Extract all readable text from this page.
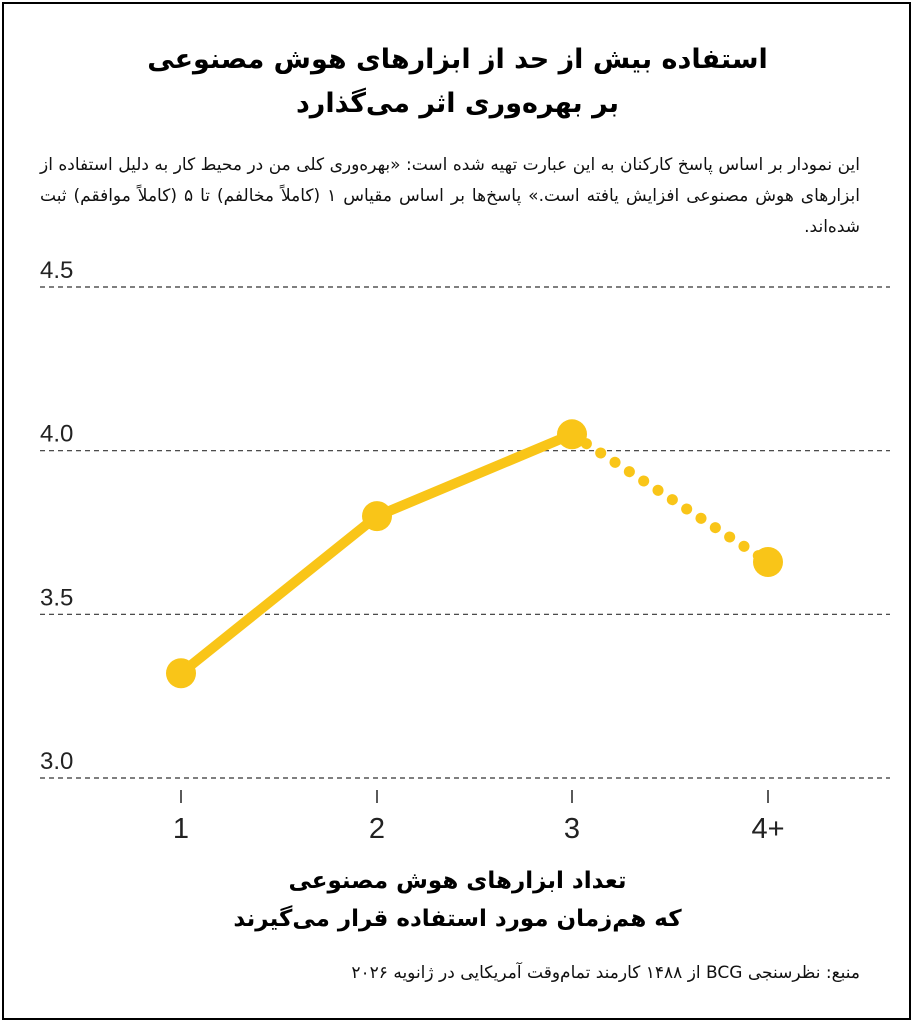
استفاده بیش از حد از ابزارهای هوش مصنوعی
بر بهره‌وری اثر می‌گذارد
این نمودار بر اساس پاسخ کارکنان به این عبارت تهیه شده است: «بهره‌وری کلی من در محیط کار به دلیل استفاده از ابزارهای هوش مصنوعی افزایش یافته است.» پاسخ‌ها بر اساس مقیاس ۱ (کاملاً مخالفم) تا ۵ (کاملاً موافقم) ثبت شده‌اند.
3.0
3.5
4.0
4.5
1	2	3	4+
تعداد ابزارهای هوش مصنوعی
که هم‌زمان مورد استفاده قرار می‌گیرند
منبع: نظرسنجی BCG از ۱۴۸۸ کارمند تمام‌وقت آمریکایی در ژانویه ۲۰۲۶
